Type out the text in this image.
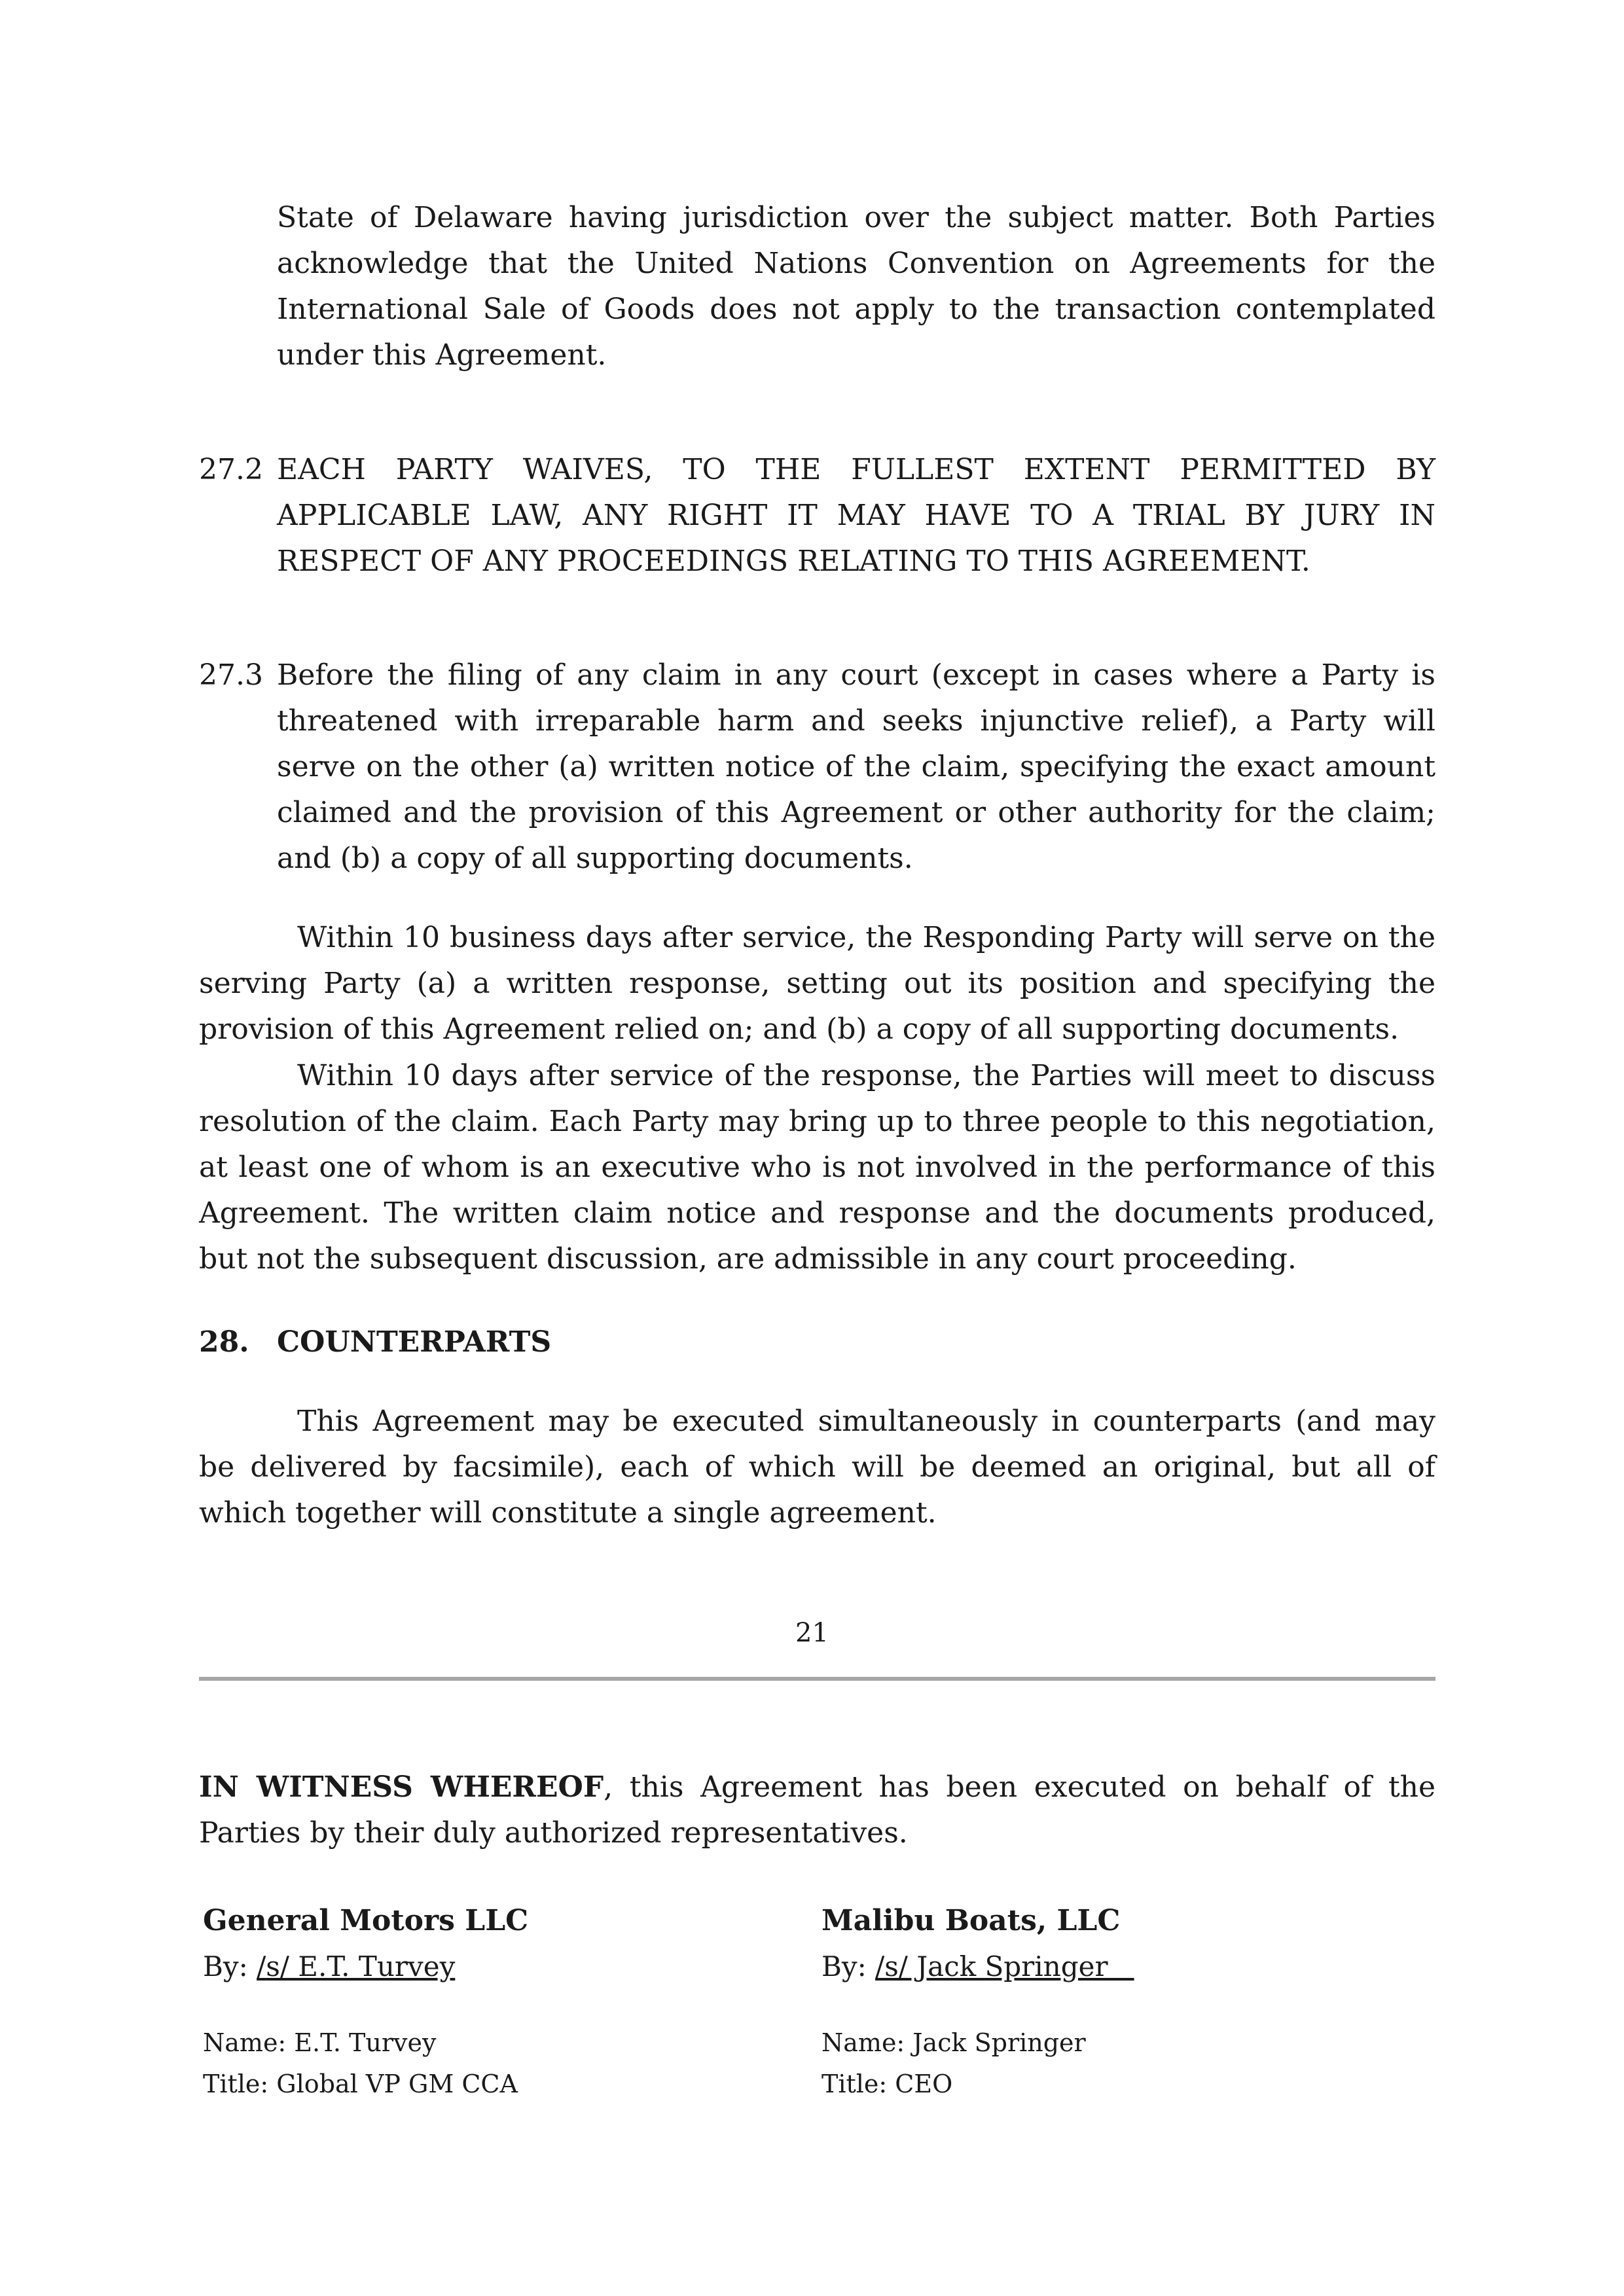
State of Delaware having jurisdiction over the subject matter. Both Parties acknowledge that the United Nations Convention on Agreements for the International Sale of Goods does not apply to the transaction contemplated under this Agreement.

27.2 EACH PARTY WAIVES, TO THE FULLEST EXTENT PERMITTED BY APPLICABLE LAW, ANY RIGHT IT MAY HAVE TO A TRIAL BY JURY IN RESPECT OF ANY PROCEEDINGS RELATING TO THIS AGREEMENT.

27.3 Before the filing of any claim in any court (except in cases where a Party is threatened with irreparable harm and seeks injunctive relief), a Party will serve on the other (a) written notice of the claim, specifying the exact amount claimed and the provision of this Agreement or other authority for the claim; and (b) a copy of all supporting documents.

Within 10 business days after service, the Responding Party will serve on the serving Party (a) a written response, setting out its position and specifying the provision of this Agreement relied on; and (b) a copy of all supporting documents.

Within 10 days after service of the response, the Parties will meet to discuss resolution of the claim. Each Party may bring up to three people to this negotiation, at least one of whom is an executive who is not involved in the performance of this Agreement. The written claim notice and response and the documents produced, but not the subsequent discussion, are admissible in any court proceeding.

28. COUNTERPARTS

This Agreement may be executed simultaneously in counterparts (and may be delivered by facsimile), each of which will be deemed an original, but all of which together will constitute a single agreement.

21

IN WITNESS WHEREOF, this Agreement has been executed on behalf of the Parties by their duly authorized representatives.

General Motors LLC
By: /s/ E.T. Turvey
Name: E.T. Turvey
Title: Global VP GM CCA
Malibu Boats, LLC
By: /s/ Jack Springer
Name: Jack Springer
Title: CEO
